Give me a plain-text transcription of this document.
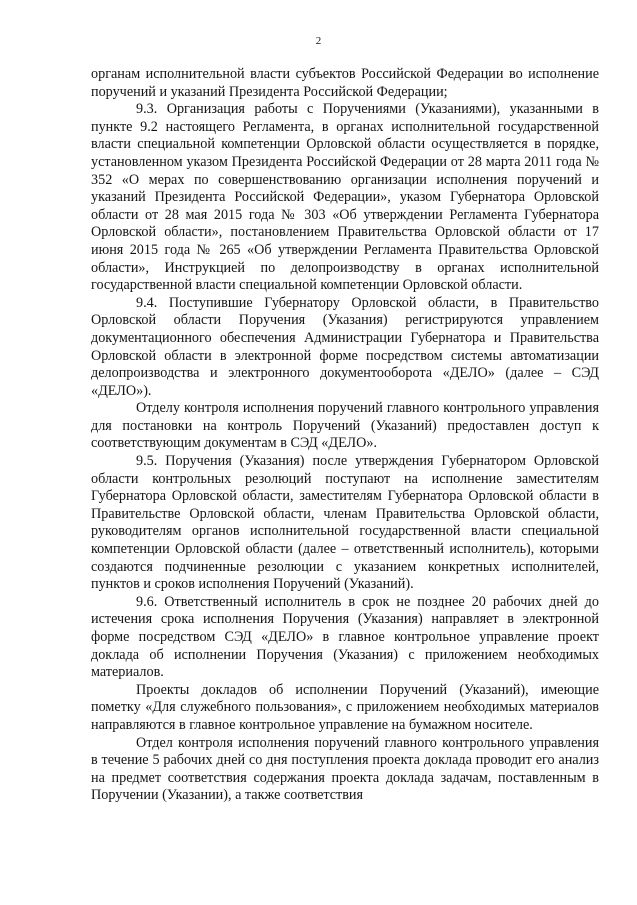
2

органам исполнительной власти субъектов Российской Федерации во исполнение поручений и указаний Президента Российской Федерации;

9.3. Организация работы с Поручениями (Указаниями), указанными в пункте 9.2 настоящего Регламента, в органах исполнительной государственной власти специальной компетенции Орловской области осуществляется в порядке, установленном указом Президента Российской Федерации от 28 марта 2011 года № 352 «О мерах по совершенствованию организации исполнения поручений и указаний Президента Российской Федерации», указом Губернатора Орловской области от 28 мая 2015 года № 303 «Об утверждении Регламента Губернатора Орловской области», постановлением Правительства Орловской области от 17 июня 2015 года № 265 «Об утверждении Регламента Правительства Орловской области», Инструкцией по делопроизводству в органах исполнительной государственной власти специальной компетенции Орловской области.

9.4. Поступившие Губернатору Орловской области, в Правительство Орловской области Поручения (Указания) регистрируются управлением документационного обеспечения Администрации Губернатора и Правительства Орловской области в электронной форме посредством системы автоматизации делопроизводства и электронного документооборота «ДЕЛО» (далее – СЭД «ДЕЛО»).

Отделу контроля исполнения поручений главного контрольного управления для постановки на контроль Поручений (Указаний) предоставлен доступ к соответствующим документам в СЭД «ДЕЛО».

9.5. Поручения (Указания) после утверждения Губернатором Орловской области контрольных резолюций поступают на исполнение заместителям Губернатора Орловской области, заместителям Губернатора Орловской области в Правительстве Орловской области, членам Правительства Орловской области, руководителям органов исполнительной государственной власти специальной компетенции Орловской области (далее – ответственный исполнитель), которыми создаются подчиненные резолюции с указанием конкретных исполнителей, пунктов и сроков исполнения Поручений (Указаний).

9.6. Ответственный исполнитель в срок не позднее 20 рабочих дней до истечения срока исполнения Поручения (Указания) направляет в электронной форме посредством СЭД «ДЕЛО» в главное контрольное управление проект доклада об исполнении Поручения (Указания) с приложением необходимых материалов.

Проекты докладов об исполнении Поручений (Указаний), имеющие пометку «Для служебного пользования», с приложением необходимых материалов направляются в главное контрольное управление на бумажном носителе.

Отдел контроля исполнения поручений главного контрольного управления в течение 5 рабочих дней со дня поступления проекта доклада проводит его анализ на предмет соответствия содержания проекта доклада задачам, поставленным в Поручении (Указании), а также соответствия
